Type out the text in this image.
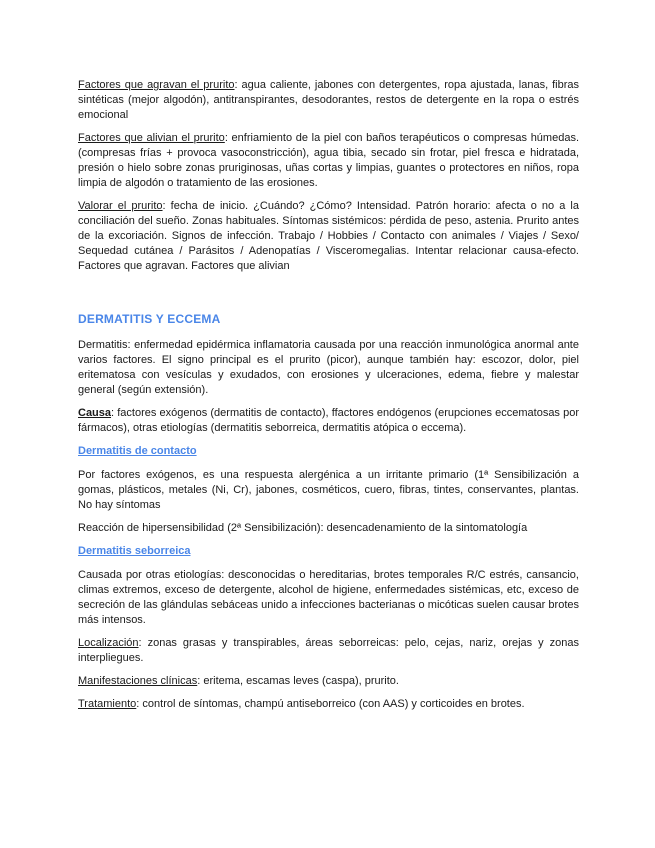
Factores que agravan el prurito: agua caliente, jabones con detergentes, ropa ajustada, lanas, fibras sintéticas (mejor algodón), antitranspirantes, desodorantes, restos de detergente en la ropa o estrés emocional

Factores que alivian el prurito: enfriamiento de la piel con baños terapéuticos o compresas húmedas. (compresas frías + provoca vasoconstricción), agua tibia, secado sin frotar, piel fresca e hidratada, presión o hielo sobre zonas pruriginosas, uñas cortas y limpias, guantes o protectores en niños, ropa limpia de algodón o tratamiento de las erosiones.

Valorar el prurito: fecha de inicio. ¿Cuándo? ¿Cómo? Intensidad. Patrón horario: afecta o no a la conciliación del sueño. Zonas habituales. Síntomas sistémicos: pérdida de peso, astenia. Prurito antes de la excoriación. Signos de infección. Trabajo / Hobbies / Contacto con animales / Viajes / Sexo/ Sequedad cutánea / Parásitos / Adenopatías / Visceromegalias. Intentar relacionar causa-efecto. Factores que agravan. Factores que alivian

DERMATITIS Y ECCEMA

Dermatitis: enfermedad epidérmica inflamatoria causada por una reacción inmunológica anormal ante varios factores. El signo principal es el prurito (picor), aunque también hay: escozor, dolor, piel eritematosa con vesículas y exudados, con erosiones y ulceraciones, edema, fiebre y malestar general (según extensión).

Causa: factores exógenos (dermatitis de contacto), ffactores endógenos (erupciones eccematosas por fármacos), otras etiologías (dermatitis seborreica, dermatitis atópica o eccema).

Dermatitis de contacto

Por factores exógenos, es una respuesta alergénica a un irritante primario (1ª Sensibilización a gomas, plásticos, metales (Ni, Cr), jabones, cosméticos, cuero, fibras, tintes, conservantes, plantas. No hay síntomas

Reacción de hipersensibilidad (2ª Sensibilización): desencadenamiento de la sintomatología

Dermatitis seborreica

Causada por otras etiologías: desconocidas o hereditarias, brotes temporales R/C estrés, cansancio, climas extremos, exceso de detergente, alcohol de higiene, enfermedades sistémicas, etc, exceso de secreción de las glándulas sebáceas unido a infecciones bacterianas o micóticas suelen causar brotes más intensos.

Localización: zonas grasas y transpirables, áreas seborreicas: pelo, cejas, nariz, orejas y zonas interpliegues.

Manifestaciones clínicas: eritema, escamas leves (caspa), prurito.

Tratamiento: control de síntomas, champú antiseborreico (con AAS) y corticoides en brotes.
